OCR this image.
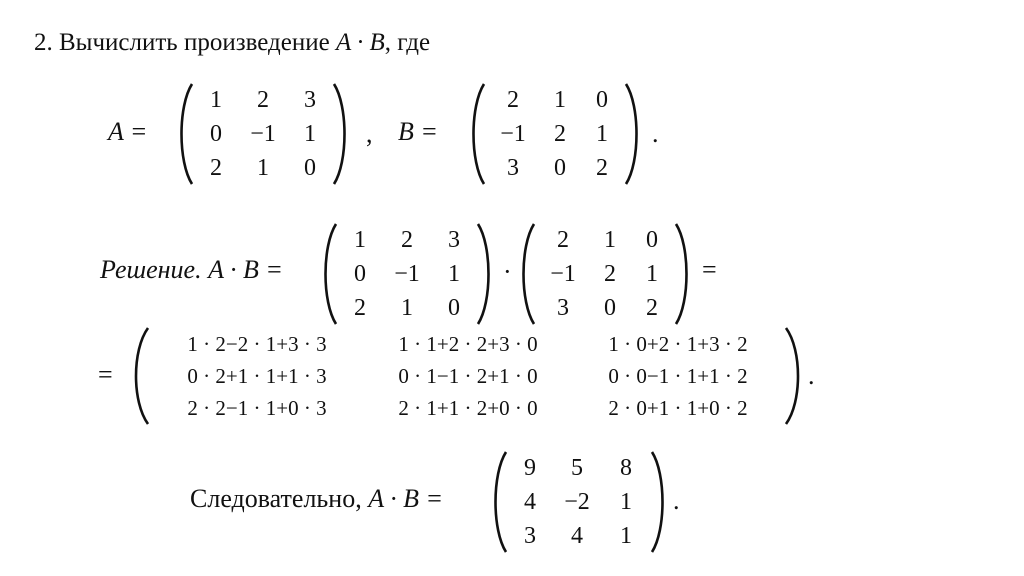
2. Вычислить произведение A · B, где
A =
1	2	3
0	−1	1
2	1	0
, B =
2	1	0
−1	2	1
3	0	2
.
Решение. A · B =
1	2	3
0	−1	1
2	1	0
·
2	1	0
−1	2	1
3	0	2
=
=
1 · 2−2 · 1+3 · 3	1 · 1+2 · 2+3 · 0	1 · 0+2 · 1+3 · 2
0 · 2+1 · 1+1 · 3	0 · 1−1 · 2+1 · 0	0 · 0−1 · 1+1 · 2
2 · 2−1 · 1+0 · 3	2 · 1+1 · 2+0 · 0	2 · 0+1 · 1+0 · 2
.
Следовательно, A · B =
9	5	8
4	−2	1
3	4	1
.
